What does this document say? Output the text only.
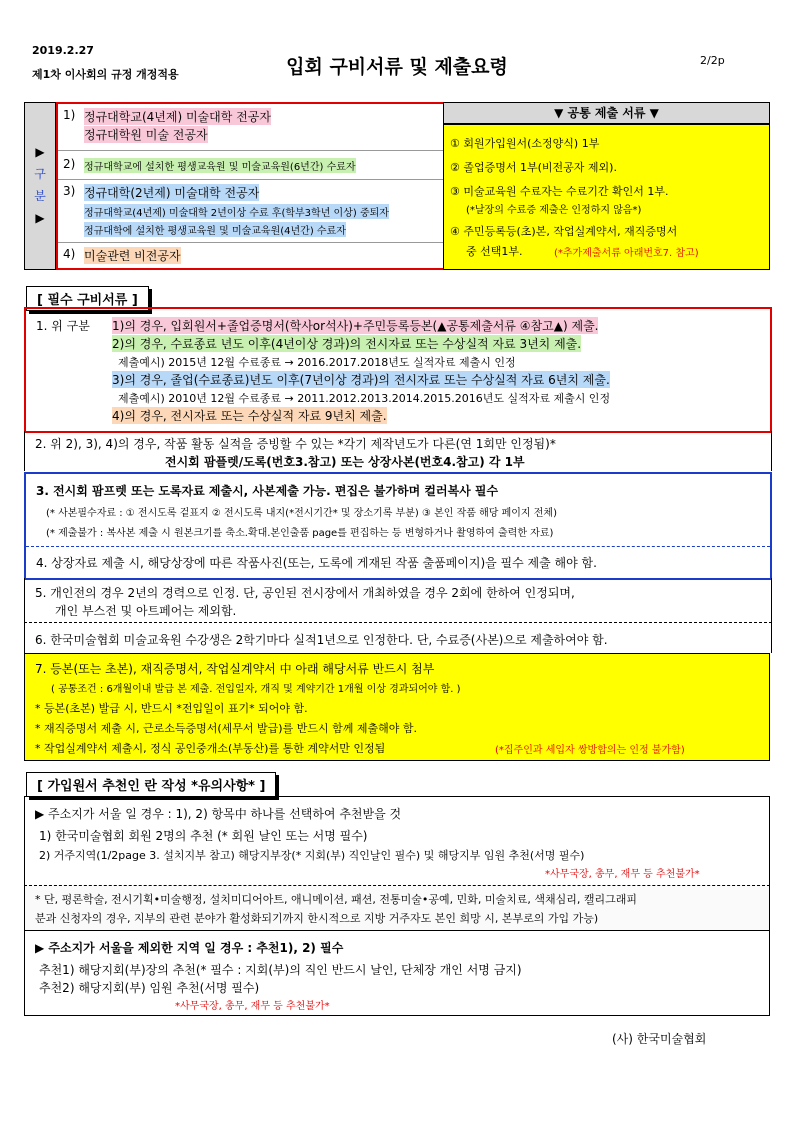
2019.2.27
제1차 이사회의 규정 개정적용	입회 구비서류 및 제출요령	2/2p
▶
구
분
▶
1) 정규대학교(4년제) 미술대학 전공자
정규대학원 미술 전공자
2) 정규대학교에 설치한 평생교육원 및 미술교육원(6년간) 수료자
3) 정규대학(2년제) 미술대학 전공자
정규대학교(4년제) 미술대학 2년이상 수료 후(학부3학년 이상) 중퇴자
정규대학에 설치한 평생교육원 및 미술교육원(4년간) 수료자
4) 미술관련 비전공자
▼ 공통 제출 서류 ▼
① 회원가입원서(소정양식) 1부
② 졸업증명서 1부(비전공자 제외).
③ 미술교육원 수료자는 수료기간 확인서 1부.
(*날장의 수료증 제출은 인정하지 않음*)
④ 주민등록등(초)본, 작업실계약서, 재직증명서
중 선택1부.	(*추가제출서류 아래번호7. 참고)
[ 필수 구비서류 ]
1. 위 구분 1)의 경우, 입회원서+졸업증명서(학사or석사)+주민등록등본(▲공통제출서류 ④참고▲) 제출.
2)의 경우, 수료종료 년도 이후(4년이상 경과)의 전시자료 또는 수상실적 자료 3년치 제출.
제출예시) 2015년 12월 수료종료 → 2016.2017.2018년도 실적자료 제출시 인정
3)의 경우, 졸업(수료종료)년도 이후(7년이상 경과)의 전시자료 또는 수상실적 자료 6년치 제출.
제출예시) 2010년 12월 수료종료 → 2011.2012.2013.2014.2015.2016년도 실적자료 제출시 인정
4)의 경우, 전시자료 또는 수상실적 자료 9년치 제출.
2. 위 2), 3), 4)의 경우, 작품 활동 실적을 증빙할 수 있는 *각기 제작년도가 다른(연 1회만 인정됨)*
전시회 팜플렛/도록(번호3.참고) 또는 상장사본(번호4.참고) 각 1부
3. 전시회 팜프렛 또는 도록자료 제출시, 사본제출 가능. 편집은 불가하며 컬러복사 필수
(* 사본필수자료 : ① 전시도록 겉표지 ② 전시도록 내지(*전시기간* 및 장소기록 부분) ③ 본인 작품 해당 페이지 전체)
(* 제출불가 : 복사본 제출 시 원본크기를 축소.확대.본인출품 page를 편집하는 등 변형하거나 촬영하여 출력한 자료)
4. 상장자료 제출 시, 해당상장에 따른 작품사진(또는, 도록에 게재된 작품 출품페이지)을 필수 제출 해야 함.
5. 개인전의 경우 2년의 경력으로 인정. 단, 공인된 전시장에서 개최하였을 경우 2회에 한하여 인정되며,
개인 부스전 및 아트페어는 제외함.
6. 한국미술협회 미술교육원 수강생은 2학기마다 실적1년으로 인정한다. 단, 수료증(사본)으로 제출하여야 함.
7. 등본(또는 초본), 재직증명서, 작업실계약서 中 아래 해당서류 반드시 첨부
( 공통조건 : 6개월이내 발급 본 제출. 전입일자, 개직 및 계약기간 1개월 이상 경과되어야 함. )
* 등본(초본) 발급 시, 반드시 *전입일이 표기* 되어야 함.
* 재직증명서 제출 시, 근로소득증명서(세무서 발급)를 반드시 함께 제출해야 함.
* 작업실계약서 제출시, 정식 공인중개소(부동산)를 통한 계약서만 인정됨	(*집주인과 세입자 쌍방합의는 인정 불가함)
[ 가입원서 추천인 란 작성 *유의사항* ]
▶ 주소지가 서울 일 경우 : 1), 2) 항목中 하나를 선택하여 추천받을 것
1) 한국미술협회 회원 2명의 추천 (* 회원 날인 또는 서명 필수)
2) 거주지역(1/2page 3. 설치지부 참고) 해당지부장(* 지회(부) 직인날인 필수) 및 해당지부 임원 추천(서명 필수)
*사무국장, 총무, 재무 등 추천불가*
* 단, 평론학술, 전시기획•미술행정, 설치미디어아트, 애니메이션, 패션, 전통미술•공예, 민화, 미술치료, 색채심리, 캘리그래피
분과 신청자의 경우, 지부의 관련 분야가 활성화되기까지 한시적으로 지방 거주자도 본인 희망 시, 본부로의 가입 가능)
▶ 주소지가 서울을 제외한 지역 일 경우 : 추천1), 2) 필수
추천1) 해당지회(부)장의 추천(* 필수 : 지회(부)의 직인 반드시 날인, 단체장 개인 서명 금지)
추천2) 해당지회(부) 임원 추천(서명 필수)
*사무국장, 총무, 재무 등 추천불가*
(사) 한국미술협회
